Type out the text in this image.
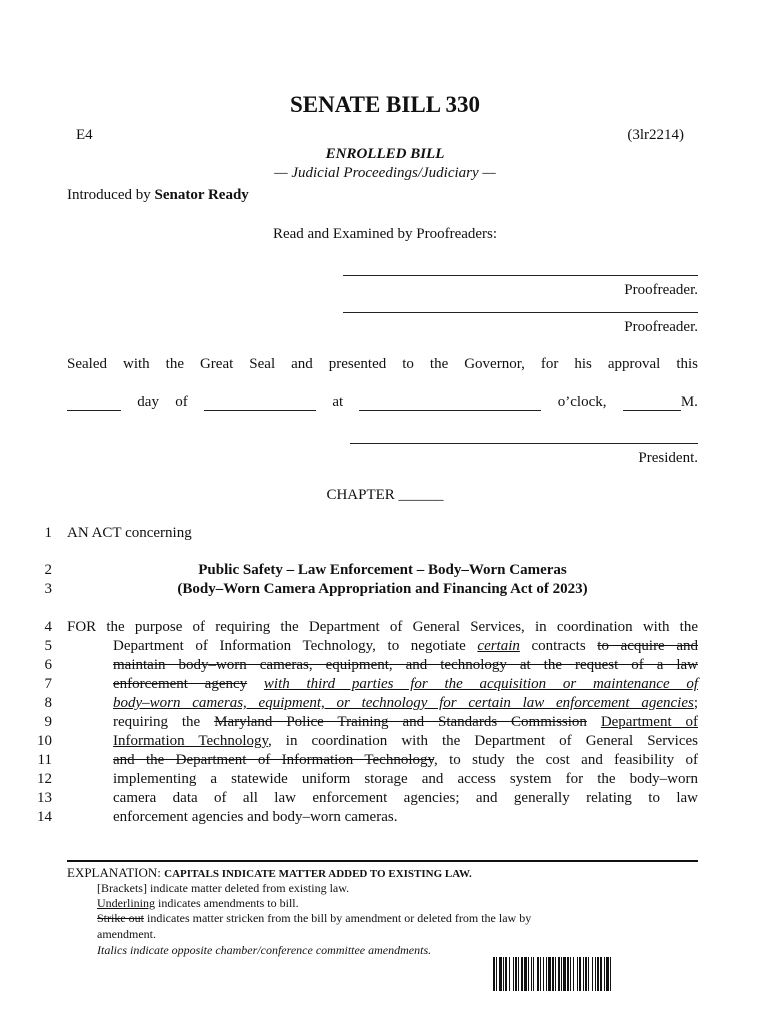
SENATE BILL 330
E4	(3lr2214)
ENROLLED BILL
— Judicial Proceedings/Judiciary —
Introduced by Senator Ready
Read and Examined by Proofreaders:
Proofreader.
Proofreader.
Sealed with the Great Seal and presented to the Governor, for his approval this
day of	at	o’clock,	M.
President.
CHAPTER ______
1
2
3
4
5
6
7
8
9
10
11
12
13
14
AN ACT concerning
Public Safety – Law Enforcement – Body–Worn Cameras
(Body–Worn Camera Appropriation and Financing Act of 2023)
FOR the purpose of requiring the Department of General Services, in coordination with the
Department of Information Technology, to negotiate certain contracts to acquire and
maintain body–worn cameras, equipment, and technology at the request of a law
enforcement agency with third parties for the acquisition or maintenance of
body–worn cameras, equipment, or technology for certain law enforcement agencies;
requiring the Maryland Police Training and Standards Commission Department of
Information Technology, in coordination with the Department of General Services
and the Department of Information Technology, to study the cost and feasibility of
implementing a statewide uniform storage and access system for the body–worn
camera data of all law enforcement agencies; and generally relating to law
enforcement agencies and body–worn cameras.
EXPLANATION: CAPITALS INDICATE MATTER ADDED TO EXISTING LAW.
[Brackets] indicate matter deleted from existing law.
Underlining indicates amendments to bill.
Strike out indicates matter stricken from the bill by amendment or deleted from the law by
amendment.
Italics indicate opposite chamber/conference committee amendments.
